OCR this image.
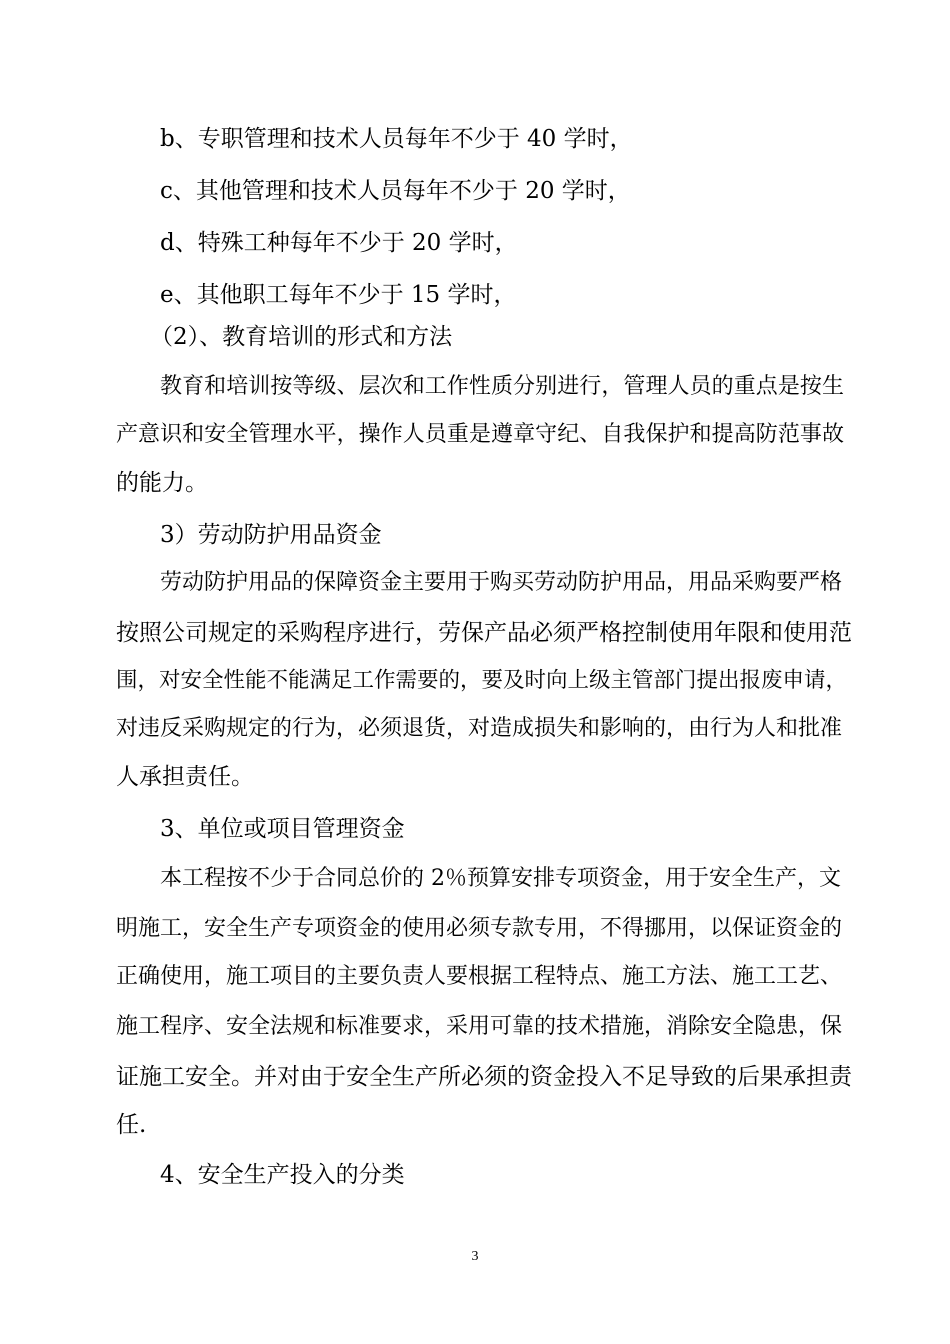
b、专职管理和技术人员每年不少于 40 学时，
c、其他管理和技术人员每年不少于 20 学时，
d、特殊工种每年不少于 20 学时，
e、其他职工每年不少于 15 学时，
（2）、教育培训的形式和方法
教育和培训按等级、层次和工作性质分别进行，管理人员的重点是按生
产意识和安全管理水平，操作人员重是遵章守纪、自我保护和提高防范事故
的能力。
3）劳动防护用品资金
劳动防护用品的保障资金主要用于购买劳动防护用品，用品采购要严格
按照公司规定的采购程序进行，劳保产品必须严格控制使用年限和使用范
围，对安全性能不能满足工作需要的，要及时向上级主管部门提出报废申请，
对违反采购规定的行为，必须退货，对造成损失和影响的，由行为人和批准
人承担责任。
3、单位或项目管理资金
本工程按不少于合同总价的 2％预算安排专项资金，用于安全生产，文
明施工，安全生产专项资金的使用必须专款专用，不得挪用，以保证资金的
正确使用，施工项目的主要负责人要根据工程特点、施工方法、施工工艺、
施工程序、安全法规和标准要求，采用可靠的技术措施，消除安全隐患，保
证施工安全。并对由于安全生产所必须的资金投入不足导致的后果承担责
任.
4、安全生产投入的分类
3
